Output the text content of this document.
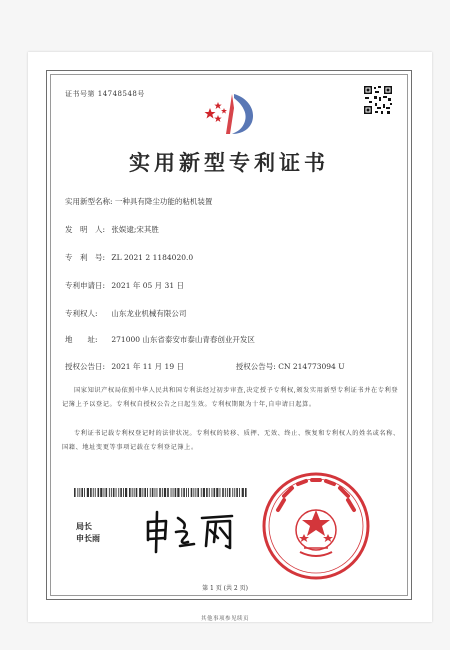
证书号第 14748548号
实用新型专利证书
实用新型名称: 一种具有降尘功能的粘机装置
发　明　人: 张娱逮;宋其胜
专　利　号: ZL 2021 2 1184020.0
专利申请日: 2021 年 05 月 31 日
专利权人: 山东龙业机械有限公司
地　　址: 271000 山东省泰安市泰山青春创业开发区
授权公告日: 2021 年 11 月 19 日	授权公告号: CN 214773094 U
国家知识产权局依照中华人民共和国专利法经过初步审查,决定授予专利权,颁发实用新型专利证书并在专利登记簿上予以登记。专利权自授权公告之日起生效。专利权期限为十年,自申请日起算。
专利证书记载专利权登记时的法律状况。专利权的转移、质押、无效、终止、恢复和专利权人的姓名或名称、国籍、地址变更等事项记载在专利登记簿上。
局长
申长雨
第 1 页 (共 2 页)
其他事项参见续页
